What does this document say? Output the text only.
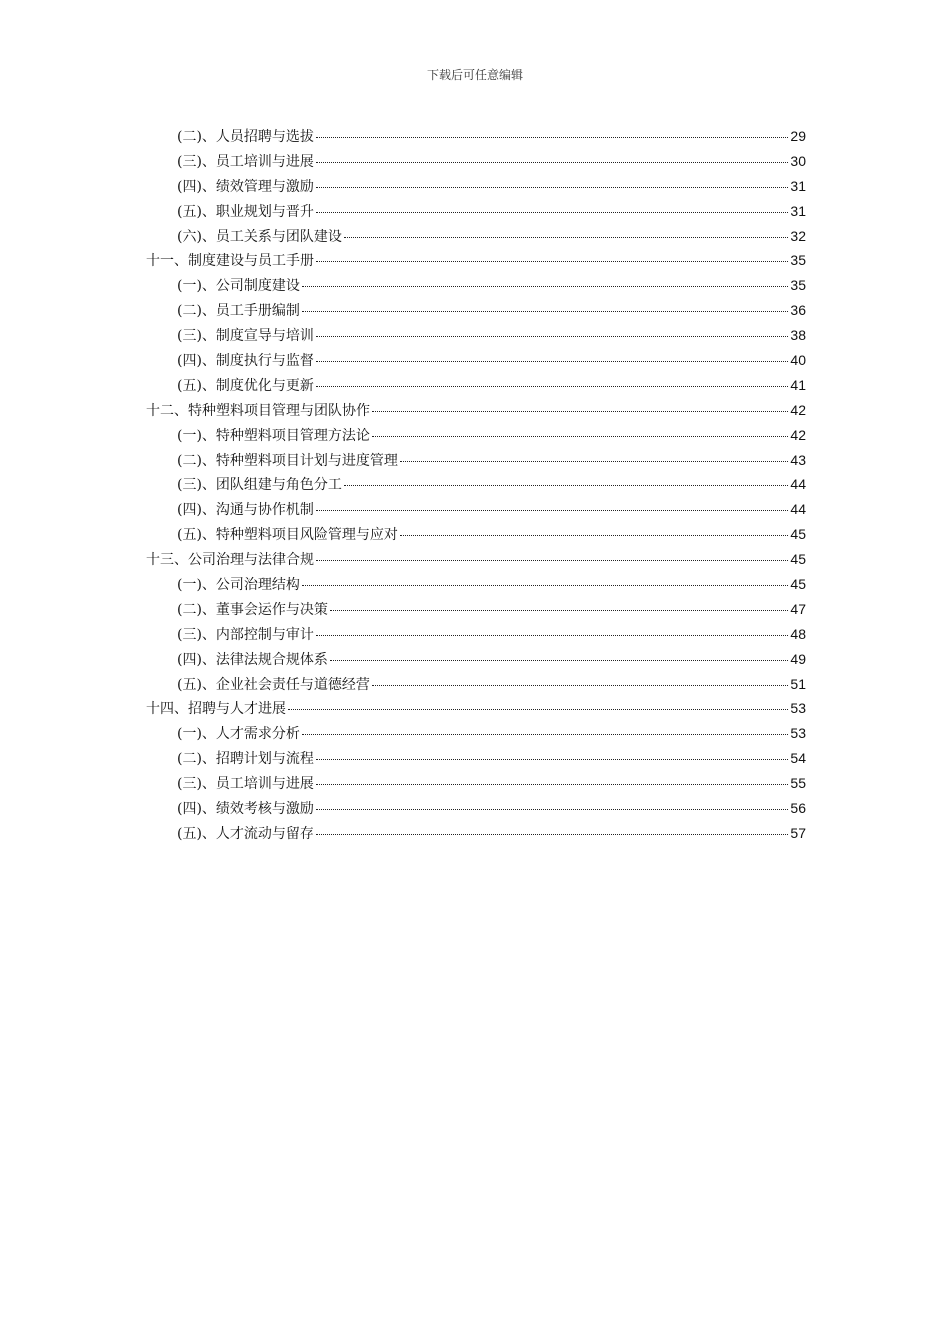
下载后可任意编辑
(二)、人员招聘与选拔	29
(三)、员工培训与进展	30
(四)、绩效管理与激励	31
(五)、职业规划与晋升	31
(六)、员工关系与团队建设	32
十一、制度建设与员工手册	35
(一)、公司制度建设	35
(二)、员工手册编制	36
(三)、制度宣导与培训	38
(四)、制度执行与监督	40
(五)、制度优化与更新	41
十二、特种塑料项目管理与团队协作	42
(一)、特种塑料项目管理方法论	42
(二)、特种塑料项目计划与进度管理	43
(三)、团队组建与角色分工	44
(四)、沟通与协作机制	44
(五)、特种塑料项目风险管理与应对	45
十三、公司治理与法律合规	45
(一)、公司治理结构	45
(二)、董事会运作与决策	47
(三)、内部控制与审计	48
(四)、法律法规合规体系	49
(五)、企业社会责任与道德经营	51
十四、招聘与人才进展	53
(一)、人才需求分析	53
(二)、招聘计划与流程	54
(三)、员工培训与进展	55
(四)、绩效考核与激励	56
(五)、人才流动与留存	57
